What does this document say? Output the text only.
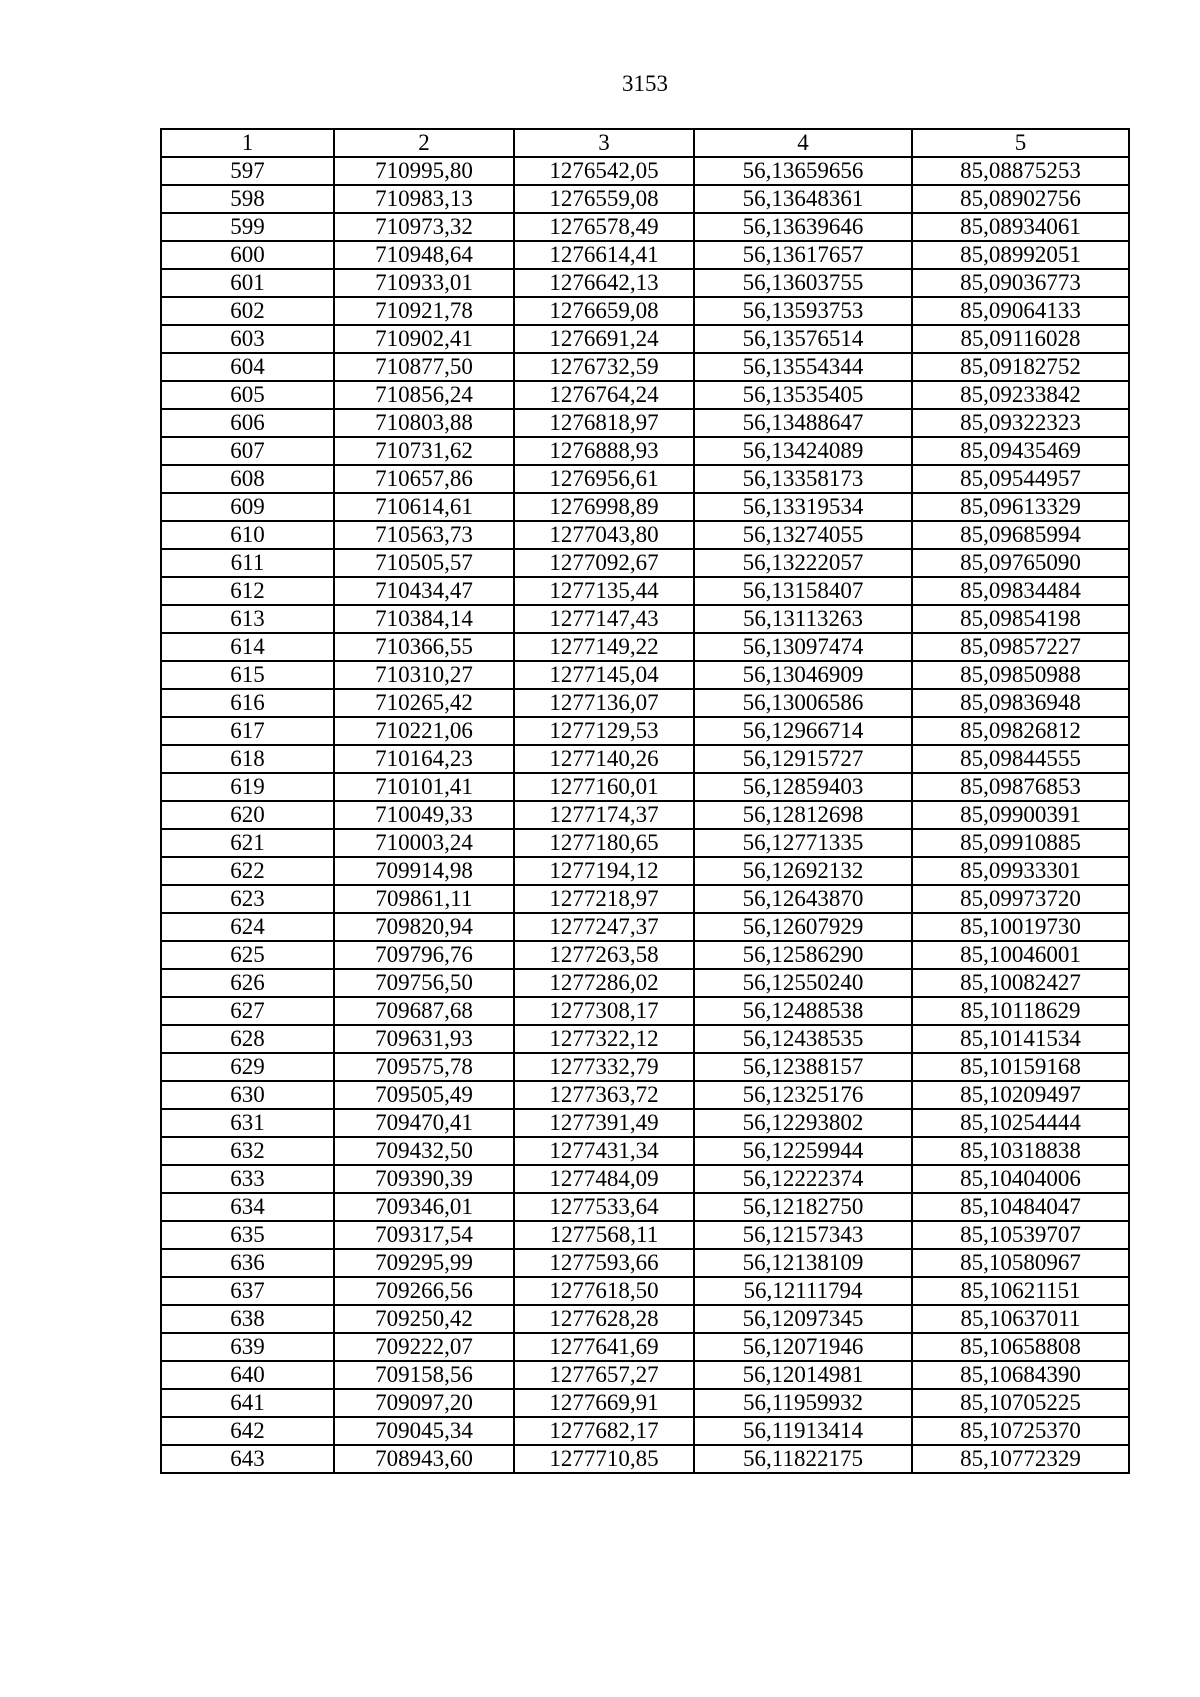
3153
1	2	3	4	5
597	710995,80	1276542,05	56,13659656	85,08875253
598	710983,13	1276559,08	56,13648361	85,08902756
599	710973,32	1276578,49	56,13639646	85,08934061
600	710948,64	1276614,41	56,13617657	85,08992051
601	710933,01	1276642,13	56,13603755	85,09036773
602	710921,78	1276659,08	56,13593753	85,09064133
603	710902,41	1276691,24	56,13576514	85,09116028
604	710877,50	1276732,59	56,13554344	85,09182752
605	710856,24	1276764,24	56,13535405	85,09233842
606	710803,88	1276818,97	56,13488647	85,09322323
607	710731,62	1276888,93	56,13424089	85,09435469
608	710657,86	1276956,61	56,13358173	85,09544957
609	710614,61	1276998,89	56,13319534	85,09613329
610	710563,73	1277043,80	56,13274055	85,09685994
611	710505,57	1277092,67	56,13222057	85,09765090
612	710434,47	1277135,44	56,13158407	85,09834484
613	710384,14	1277147,43	56,13113263	85,09854198
614	710366,55	1277149,22	56,13097474	85,09857227
615	710310,27	1277145,04	56,13046909	85,09850988
616	710265,42	1277136,07	56,13006586	85,09836948
617	710221,06	1277129,53	56,12966714	85,09826812
618	710164,23	1277140,26	56,12915727	85,09844555
619	710101,41	1277160,01	56,12859403	85,09876853
620	710049,33	1277174,37	56,12812698	85,09900391
621	710003,24	1277180,65	56,12771335	85,09910885
622	709914,98	1277194,12	56,12692132	85,09933301
623	709861,11	1277218,97	56,12643870	85,09973720
624	709820,94	1277247,37	56,12607929	85,10019730
625	709796,76	1277263,58	56,12586290	85,10046001
626	709756,50	1277286,02	56,12550240	85,10082427
627	709687,68	1277308,17	56,12488538	85,10118629
628	709631,93	1277322,12	56,12438535	85,10141534
629	709575,78	1277332,79	56,12388157	85,10159168
630	709505,49	1277363,72	56,12325176	85,10209497
631	709470,41	1277391,49	56,12293802	85,10254444
632	709432,50	1277431,34	56,12259944	85,10318838
633	709390,39	1277484,09	56,12222374	85,10404006
634	709346,01	1277533,64	56,12182750	85,10484047
635	709317,54	1277568,11	56,12157343	85,10539707
636	709295,99	1277593,66	56,12138109	85,10580967
637	709266,56	1277618,50	56,12111794	85,10621151
638	709250,42	1277628,28	56,12097345	85,10637011
639	709222,07	1277641,69	56,12071946	85,10658808
640	709158,56	1277657,27	56,12014981	85,10684390
641	709097,20	1277669,91	56,11959932	85,10705225
642	709045,34	1277682,17	56,11913414	85,10725370
643	708943,60	1277710,85	56,11822175	85,10772329
